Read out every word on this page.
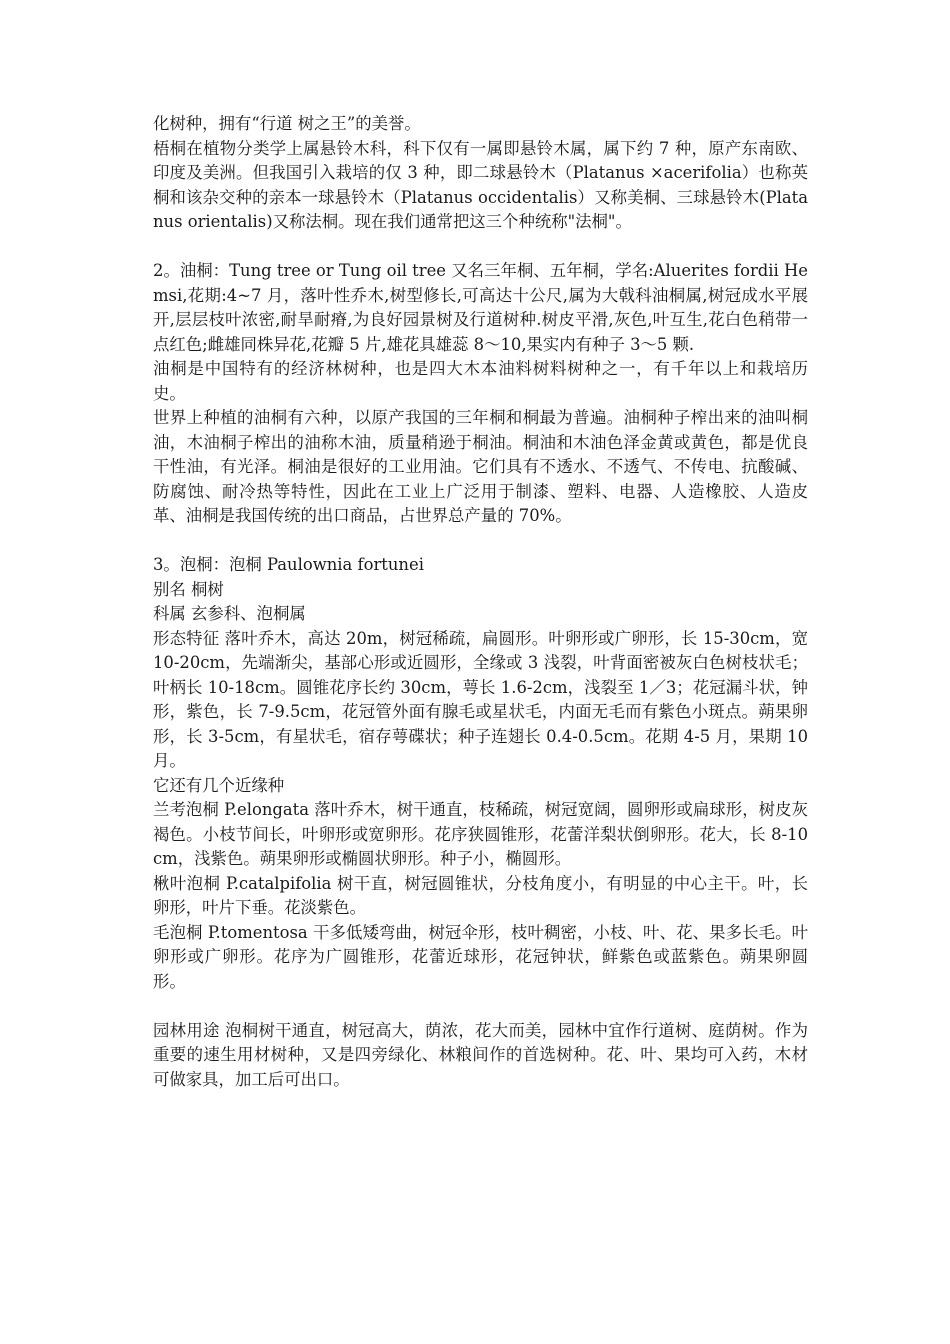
化树种，拥有“行道 树之王”的美誉。

梧桐在植物分类学上属悬铃木科，科下仅有一属即悬铃木属，属下约 7 种，原产东南欧、印度及美洲。但我国引入栽培的仅 3 种，即二球悬铃木（Platanus ×acerifolia）也称英桐和该杂交种的亲本一球悬铃木（Platanus occidentalis）又称美桐、三球悬铃木(Platanus orientalis)又称法桐。现在我们通常把这三个种统称"法桐"。

2。油桐：Tung tree or Tung oil tree 又名三年桐、五年桐，学名:Aluerites fordii Hemsi,花期:4~7 月，落叶性乔木,树型修长,可高达十公尺,属为大戟科油桐属,树冠成水平展开,层层枝叶浓密,耐旱耐瘠,为良好园景树及行道树种.树皮平滑,灰色,叶互生,花白色稍带一点红色;雌雄同株异花,花瓣 5 片,雄花具雄蕊 8～10,果实内有种子 3～5 颗.

油桐是中国特有的经济林树种，也是四大木本油料树料树种之一，有千年以上和栽培历史。

世界上种植的油桐有六种，以原产我国的三年桐和桐最为普遍。油桐种子榨出来的油叫桐油，木油桐子榨出的油称木油，质量稍逊于桐油。桐油和木油色泽金黄或黄色，都是优良干性油，有光泽。桐油是很好的工业用油。它们具有不透水、不透气、不传电、抗酸碱、防腐蚀、耐冷热等特性，因此在工业上广泛用于制漆、塑料、电器、人造橡胶、人造皮革、油桐是我国传统的出口商品，占世界总产量的 70%。

3。泡桐：泡桐 Paulownia fortunei

别名 桐树

科属 玄参科、泡桐属

形态特征 落叶乔木，高达 20m，树冠稀疏，扁圆形。叶卵形或广卵形，长 15-30cm，宽 10-20cm，先端渐尖，基部心形或近圆形，全缘或 3 浅裂，叶背面密被灰白色树枝状毛；叶柄长 10-18cm。圆锥花序长约 30cm，萼长 1.6-2cm，浅裂至 1／3；花冠漏斗状，钟形，紫色，长 7-9.5cm，花冠管外面有腺毛或星状毛，内面无毛而有紫色小斑点。蒴果卵形，长 3-5cm，有星状毛，宿存萼碟状；种子连翅长 0.4-0.5cm。花期 4-5 月，果期 10 月。

它还有几个近缘种

兰考泡桐 P.elongata 落叶乔木，树干通直，枝稀疏，树冠宽阔，圆卵形或扁球形，树皮灰褐色。小枝节间长，叶卵形或宽卵形。花序狭圆锥形，花蕾洋梨状倒卵形。花大，长 8-10cm，浅紫色。蒴果卵形或椭圆状卵形。种子小，椭圆形。

楸叶泡桐 P.catalpifolia 树干直，树冠圆锥状，分枝角度小，有明显的中心主干。叶，长卵形，叶片下垂。花淡紫色。

毛泡桐 P.tomentosa 干多低矮弯曲，树冠伞形，枝叶稠密，小枝、叶、花、果多长毛。叶卵形或广卵形。花序为广圆锥形，花蕾近球形，花冠钟状，鲜紫色或蓝紫色。蒴果卵圆形。

园林用途 泡桐树干通直，树冠高大，荫浓，花大而美，园林中宜作行道树、庭荫树。作为重要的速生用材树种，又是四旁绿化、林粮间作的首选树种。花、叶、果均可入药，木材可做家具，加工后可出口。
